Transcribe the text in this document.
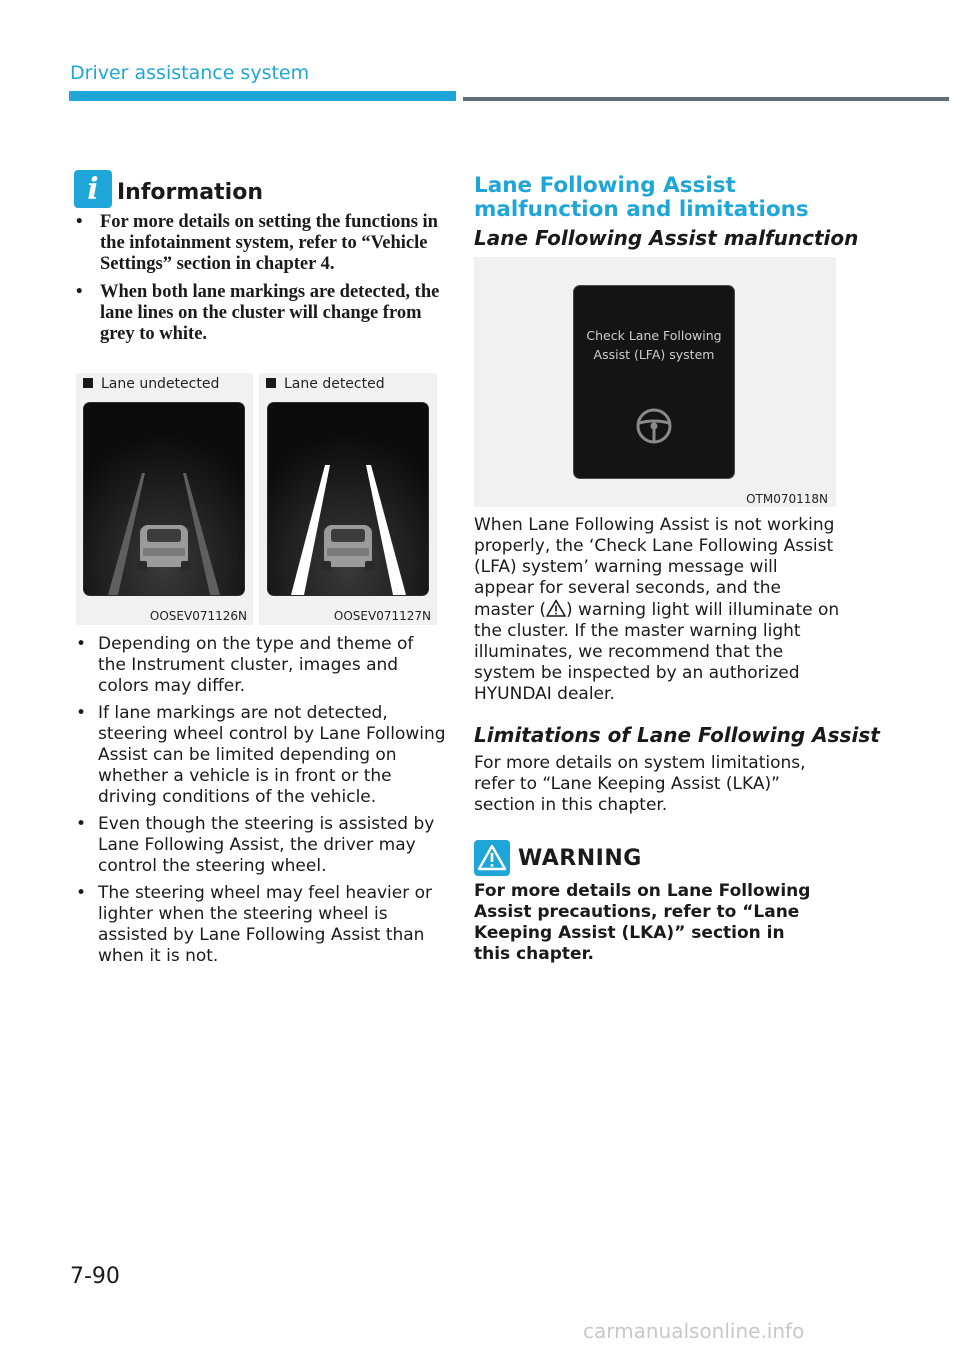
Driver assistance system
i Information
• For more details on setting the functions in the infotainment system, refer to “Vehicle Settings” section in chapter 4.
• When both lane markings are detected, the lane lines on the cluster will change from grey to white.
Lane undetected
OOSEV071126N
Lane detected
OOSEV071127N
• Depending on the type and theme of the Instrument cluster, images and colors may differ.
• If lane markings are not detected, steering wheel control by Lane Following Assist can be limited depending on whether a vehicle is in front or the driving conditions of the vehicle.
• Even though the steering is assisted by Lane Following Assist, the driver may control the steering wheel.
• The steering wheel may feel heavier or lighter when the steering wheel is assisted by Lane Following Assist than when it is not.
Lane Following Assist
malfunction and limitations
Lane Following Assist malfunction
Check Lane Following
Assist (LFA) system
OTM070118N

When Lane Following Assist is not working properly, the ‘Check Lane Following Assist (LFA) system’ warning message will appear for several seconds, and the master ( ) warning light will illuminate on the cluster. If the master warning light illuminates, we recommend that the system be inspected by an authorized HYUNDAI dealer.

Limitations of Lane Following Assist

For more details on system limitations, refer to “Lane Keeping Assist (LKA)” section in this chapter.

WARNING

For more details on Lane Following Assist precautions, refer to “Lane Keeping Assist (LKA)” section in this chapter.

7-90
carmanualsonline.info
